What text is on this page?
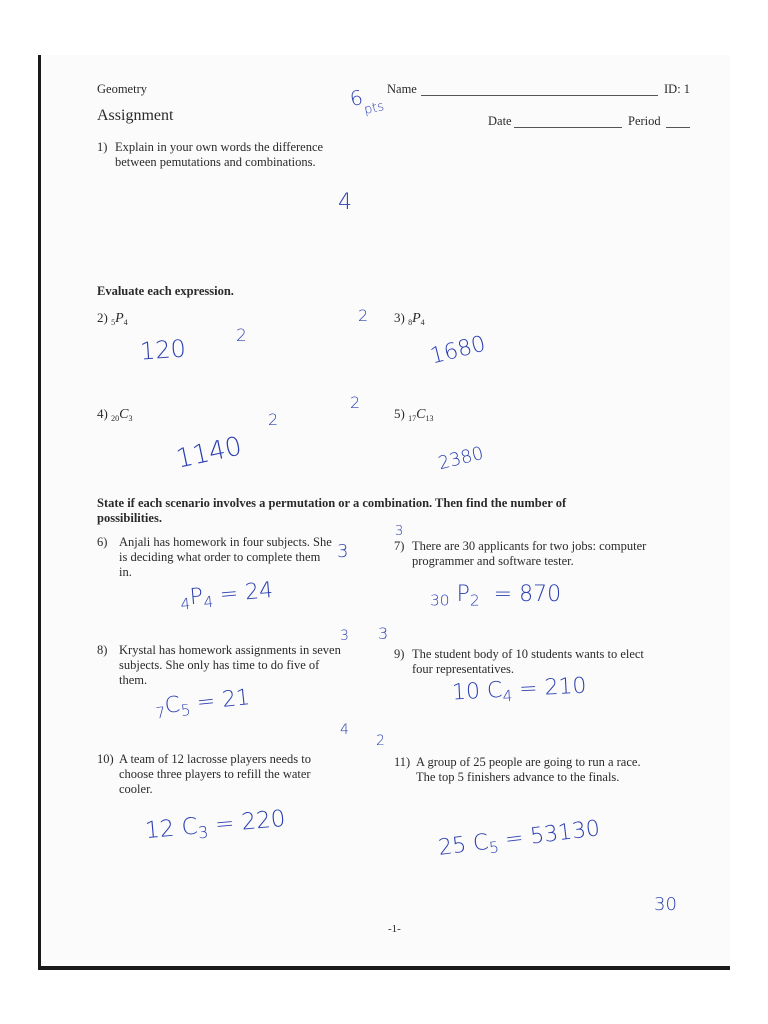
Geometry
Assignment
Name	ID: 1
Date	Period
1) Explain in your own words the difference between pemutations and combinations.
Evaluate each expression.
2) $_5P_4$	3) $_8P_4$
4) $_{20}C_3$	5) $_{17}C_{13}$
State if each scenario involves a permutation or a combination. Then find the number of possibilities.
6) Anjali has homework in four subjects. She is deciding what order to complete them in.
7) There are 30 applicants for two jobs: computer programmer and software tester.
8) Krystal has homework assignments in seven subjects. She only has time to do five of them.
9) The student body of 10 students wants to elect four representatives.
10) A team of 12 lacrosse players needs to choose three players to refill the water cooler.
11) A group of 25 people are going to run a race. The top 5 finishers advance to the finals.
-1-
6
pts
4
120	2
2
1680
2
2
1140	2380
3
3
$_4P_4 = 24$	$_{30}$ $P_2 = 870$
3 3
$_7C_5 = 21$	10 $C_4 = 210$
4
2
12 $C_3 = 220$
25 $C_5 = 53130$
30
